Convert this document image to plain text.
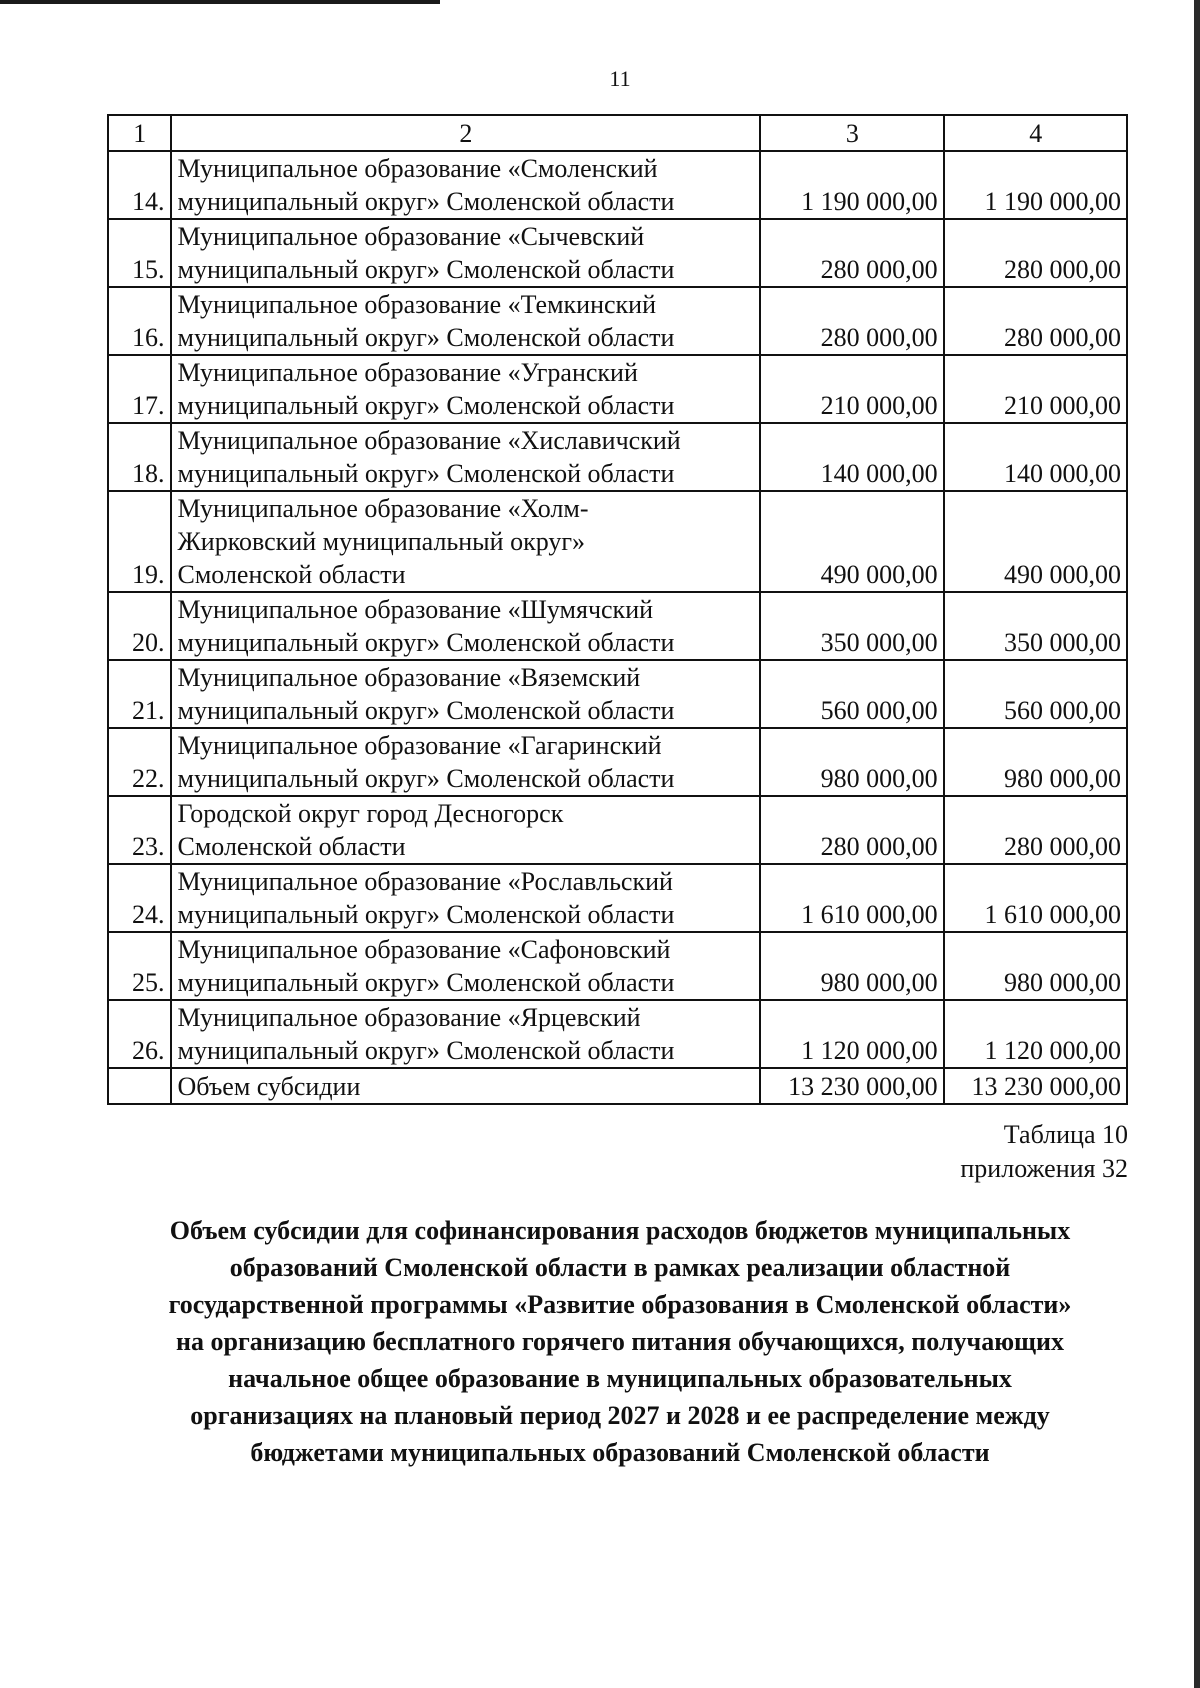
11
1	2	3	4
14.	Муниципальное образование «Смоленский
муниципальный округ» Смоленской области	1 190 000,00	1 190 000,00
15.	Муниципальное образование «Сычевский
муниципальный округ» Смоленской области	280 000,00	280 000,00
16.	Муниципальное образование «Темкинский
муниципальный округ» Смоленской области	280 000,00	280 000,00
17.	Муниципальное образование «Угранский
муниципальный округ» Смоленской области	210 000,00	210 000,00
18.	Муниципальное образование «Хиславичский
муниципальный округ» Смоленской области	140 000,00	140 000,00
19.	Муниципальное образование «Холм-
Жирковский муниципальный округ»
Смоленской области	490 000,00	490 000,00
20.	Муниципальное образование «Шумячский
муниципальный округ» Смоленской области	350 000,00	350 000,00
21.	Муниципальное образование «Вяземский
муниципальный округ» Смоленской области	560 000,00	560 000,00
22.	Муниципальное образование «Гагаринский
муниципальный округ» Смоленской области	980 000,00	980 000,00
23.	Городской округ город Десногорск
Смоленской области	280 000,00	280 000,00
24.	Муниципальное образование «Рославльский
муниципальный округ» Смоленской области	1 610 000,00	1 610 000,00
25.	Муниципальное образование «Сафоновский
муниципальный округ» Смоленской области	980 000,00	980 000,00
26.	Муниципальное образование «Ярцевский
муниципальный округ» Смоленской области	1 120 000,00	1 120 000,00
	Объем субсидии	13 230 000,00	13 230 000,00
Таблица 10
приложения 32
Объем субсидии для софинансирования расходов бюджетов муниципальных
образований Смоленской области в рамках реализации областной
государственной программы «Развитие образования в Смоленской области»
на организацию бесплатного горячего питания обучающихся, получающих
начальное общее образование в муниципальных образовательных
организациях на плановый период 2027 и 2028 и ее распределение между
бюджетами муниципальных образований Смоленской области
